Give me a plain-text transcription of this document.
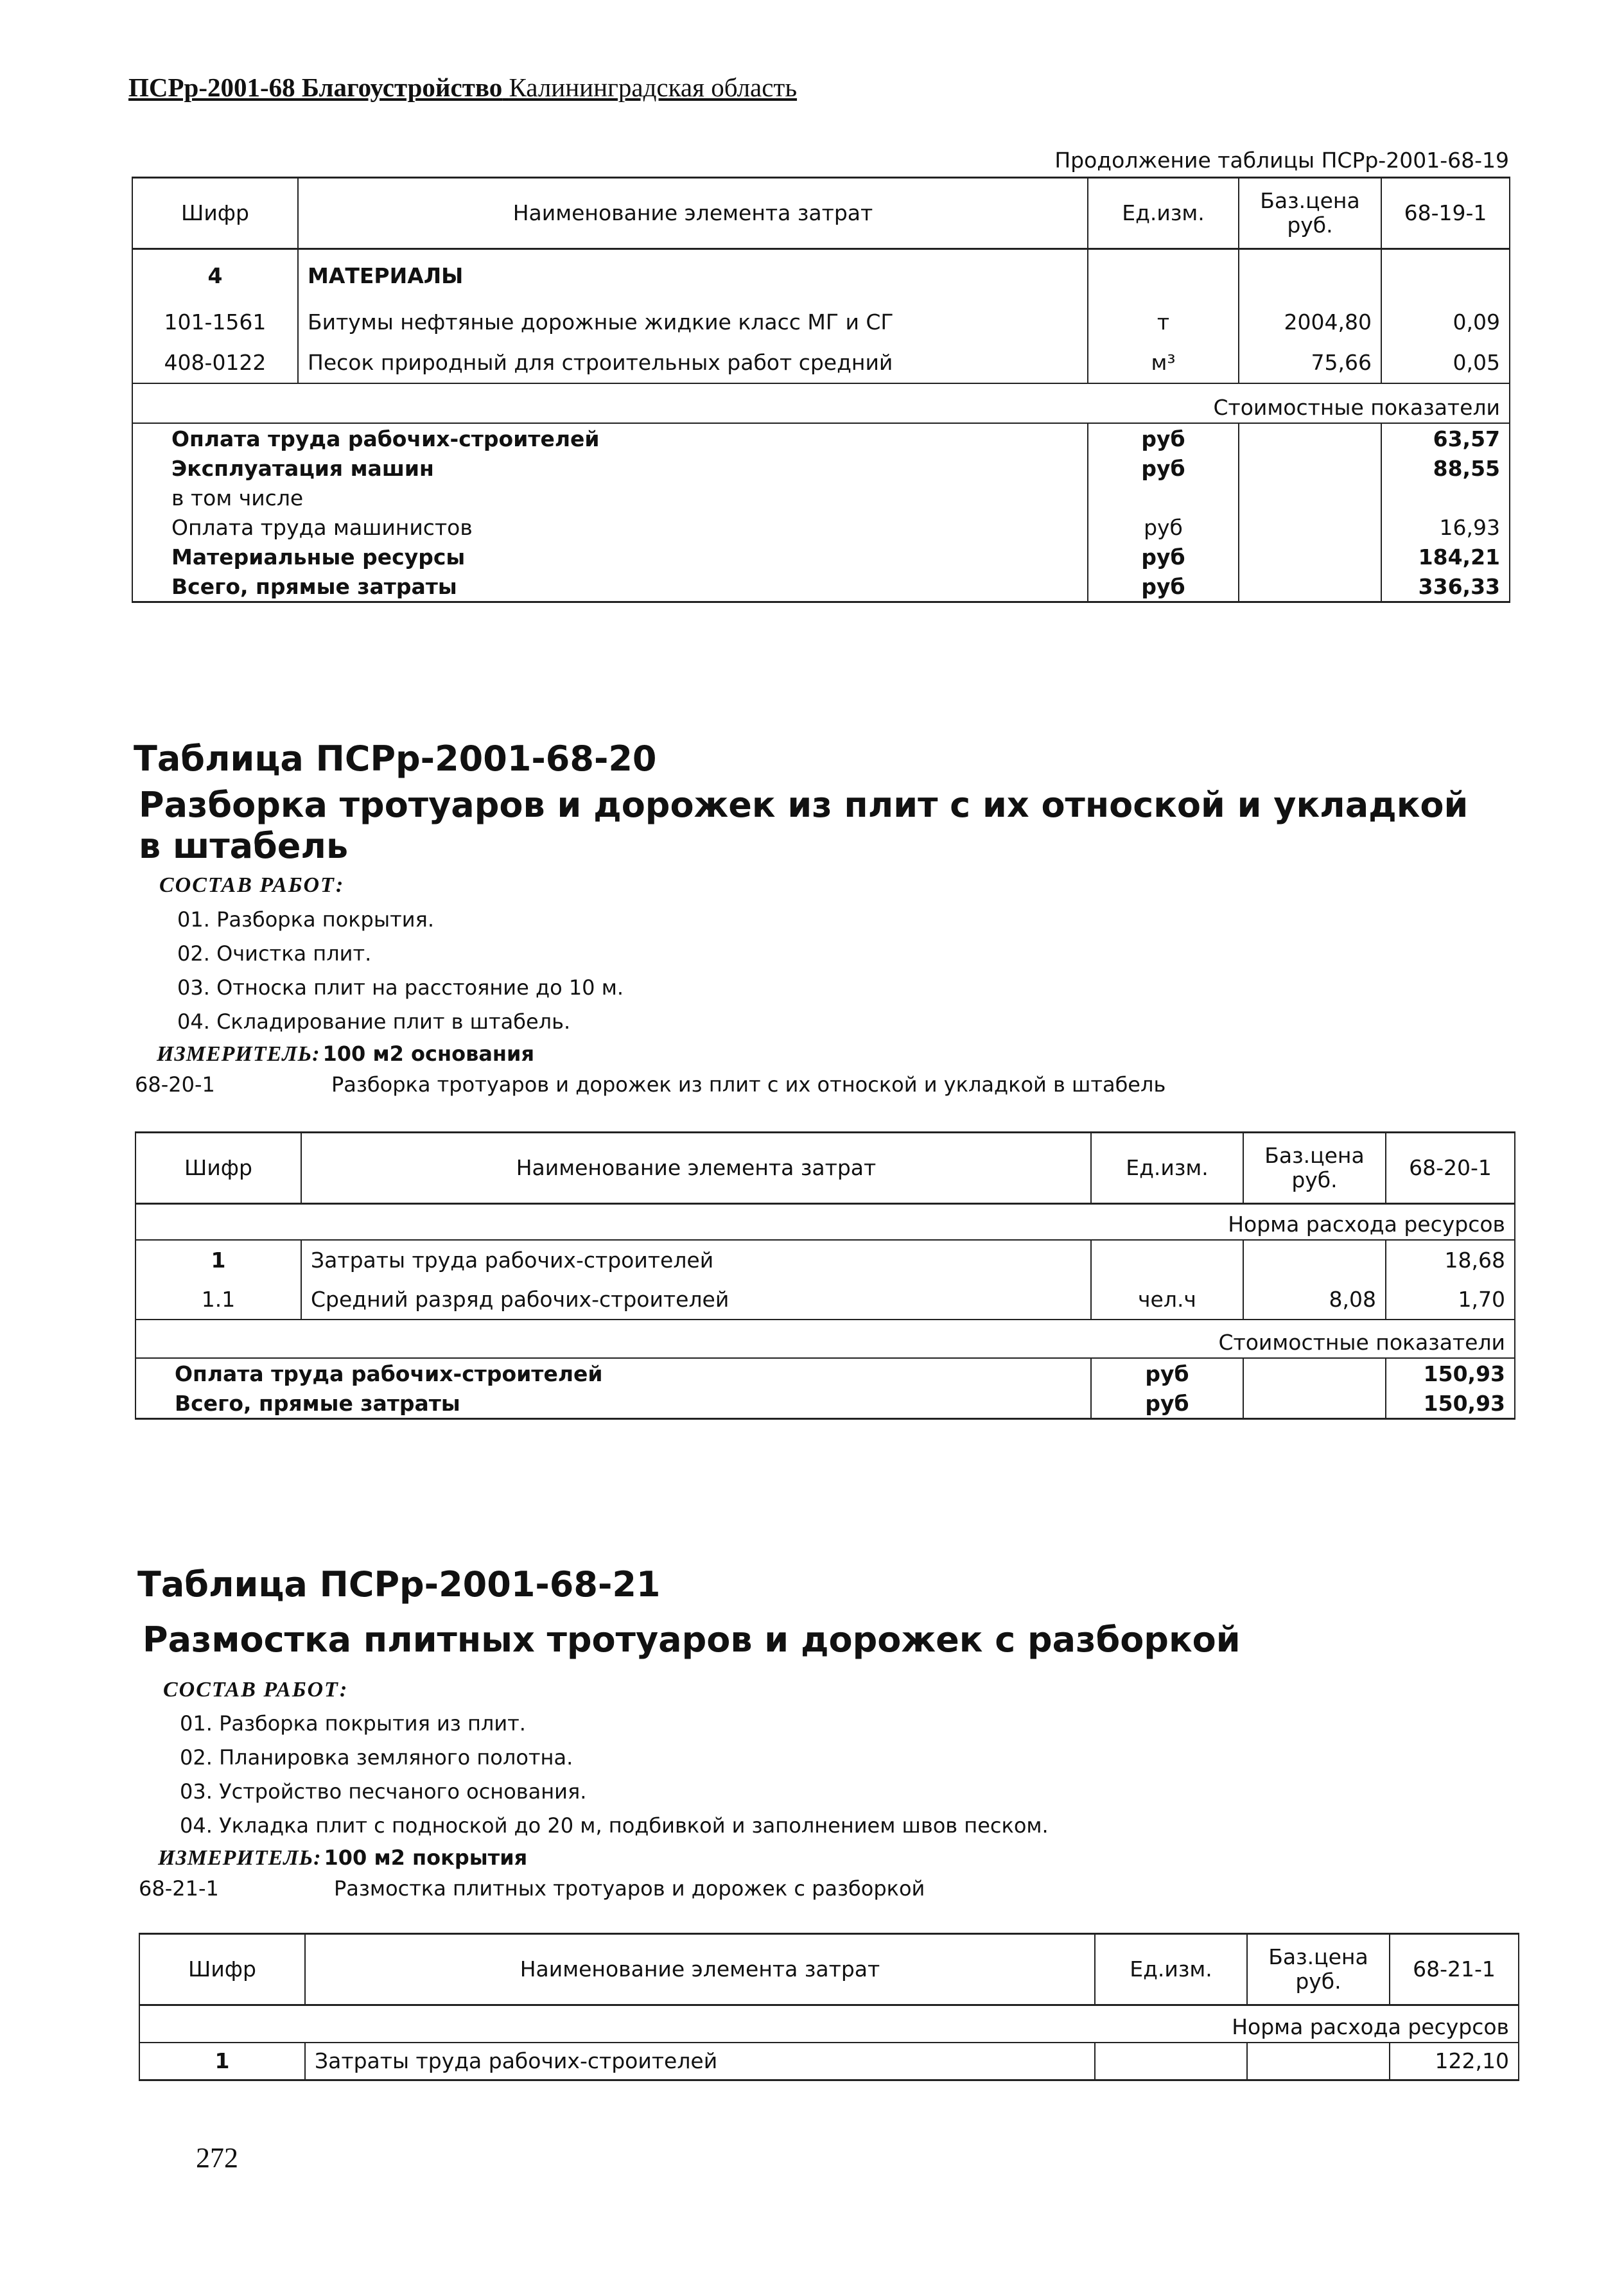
ПСРр-2001-68 Благоустройство Калининградская область
Продолжение таблицы ПСРр-2001-68-19
Шифр	Наименование элемента затрат	Ед.изм.	Баз.цена руб.	68-19-1
4	МАТЕРИАЛЫ			
101-1561	Битумы нефтяные дорожные жидкие класс МГ и СГ	т	2004,80	0,09
408-0122	Песок природный для строительных работ средний	м³	75,66	0,05
Стоимостные показатели				
Оплата труда рабочих-строителей		руб		63,57
Эксплуатация машин		руб		88,55
в том числе				
Оплата труда машинистов		руб		16,93
Материальные ресурсы		руб		184,21
Всего, прямые затраты		руб		336,33
Таблица ПСРр-2001-68-20
Разборка тротуаров и дорожек из плит с их отноской и укладкой в штабель
СОСТАВ РАБОТ:
01. Разборка покрытия.
02. Очистка плит.
03. Относка плит на расстояние до 10 м.
04. Складирование плит в штабель.
ИЗМЕРИТЕЛЬ: 100 м2 основания
68-20-1	Разборка тротуаров и дорожек из плит с их отноской и укладкой в штабель
Шифр	Наименование элемента затрат	Ед.изм.	Баз.цена руб.	68-20-1
Норма расхода ресурсов				
1	Затраты труда рабочих-строителей			18,68
1.1	Средний разряд рабочих-строителей	чел.ч	8,08	1,70
Стоимостные показатели				
Оплата труда рабочих-строителей		руб		150,93
Всего, прямые затраты		руб		150,93
Таблица ПСРр-2001-68-21
Размостка плитных тротуаров и дорожек с разборкой
СОСТАВ РАБОТ:
01. Разборка покрытия из плит.
02. Планировка земляного полотна.
03. Устройство песчаного основания.
04. Укладка плит с подноской до 20 м, подбивкой и заполнением швов песком.
ИЗМЕРИТЕЛЬ: 100 м2 покрытия
68-21-1	Размостка плитных тротуаров и дорожек с разборкой
Шифр	Наименование элемента затрат	Ед.изм.	Баз.цена руб.	68-21-1
Норма расхода ресурсов				
1	Затраты труда рабочих-строителей			122,10
272
